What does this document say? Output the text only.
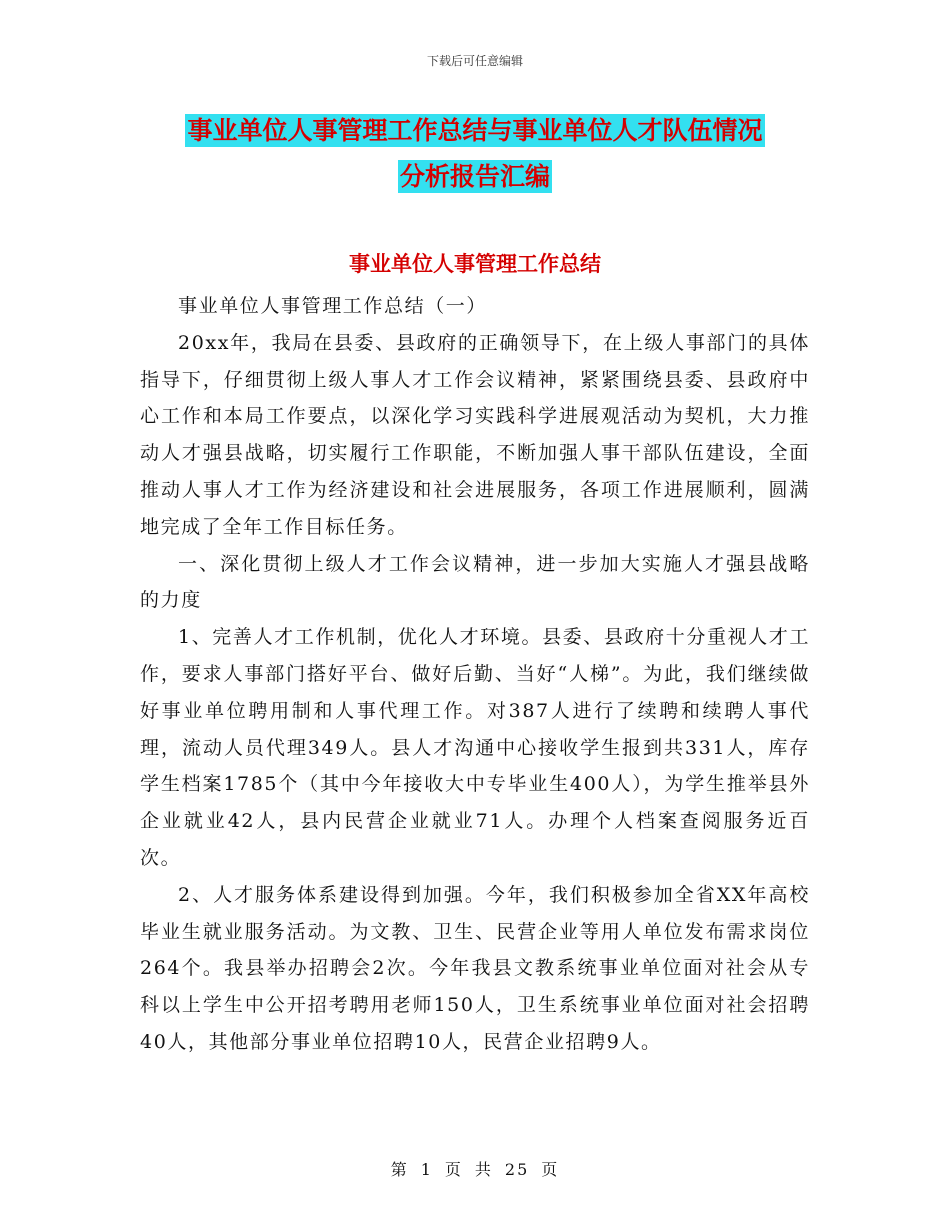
下载后可任意编辑
事业单位人事管理工作总结与事业单位人才队伍情况
分析报告汇编
事业单位人事管理工作总结

事业单位人事管理工作总结（一）

20xx年，我局在县委、县政府的正确领导下，在上级人事部门的具体指导下，仔细贯彻上级人事人才工作会议精神，紧紧围绕县委、县政府中心工作和本局工作要点，以深化学习实践科学进展观活动为契机，大力推动人才强县战略，切实履行工作职能，不断加强人事干部队伍建设，全面推动人事人才工作为经济建设和社会进展服务，各项工作进展顺利，圆满地完成了全年工作目标任务。

一、深化贯彻上级人才工作会议精神，进一步加大实施人才强县战略的力度

1、完善人才工作机制，优化人才环境。县委、县政府十分重视人才工作，要求人事部门搭好平台、做好后勤、当好“人梯”。为此，我们继续做好事业单位聘用制和人事代理工作。对387人进行了续聘和续聘人事代理，流动人员代理349人。县人才沟通中心接收学生报到共331人，库存学生档案1785个（其中今年接收大中专毕业生400人），为学生推举县外企业就业42人，县内民营企业就业71人。办理个人档案查阅服务近百次。

2、人才服务体系建设得到加强。今年，我们积极参加全省XX年高校毕业生就业服务活动。为文教、卫生、民营企业等用人单位发布需求岗位264个。我县举办招聘会2次。今年我县文教系统事业单位面对社会从专科以上学生中公开招考聘用老师150人，卫生系统事业单位面对社会招聘40人，其他部分事业单位招聘10人，民营企业招聘9人。

第 1 页 共 25 页
